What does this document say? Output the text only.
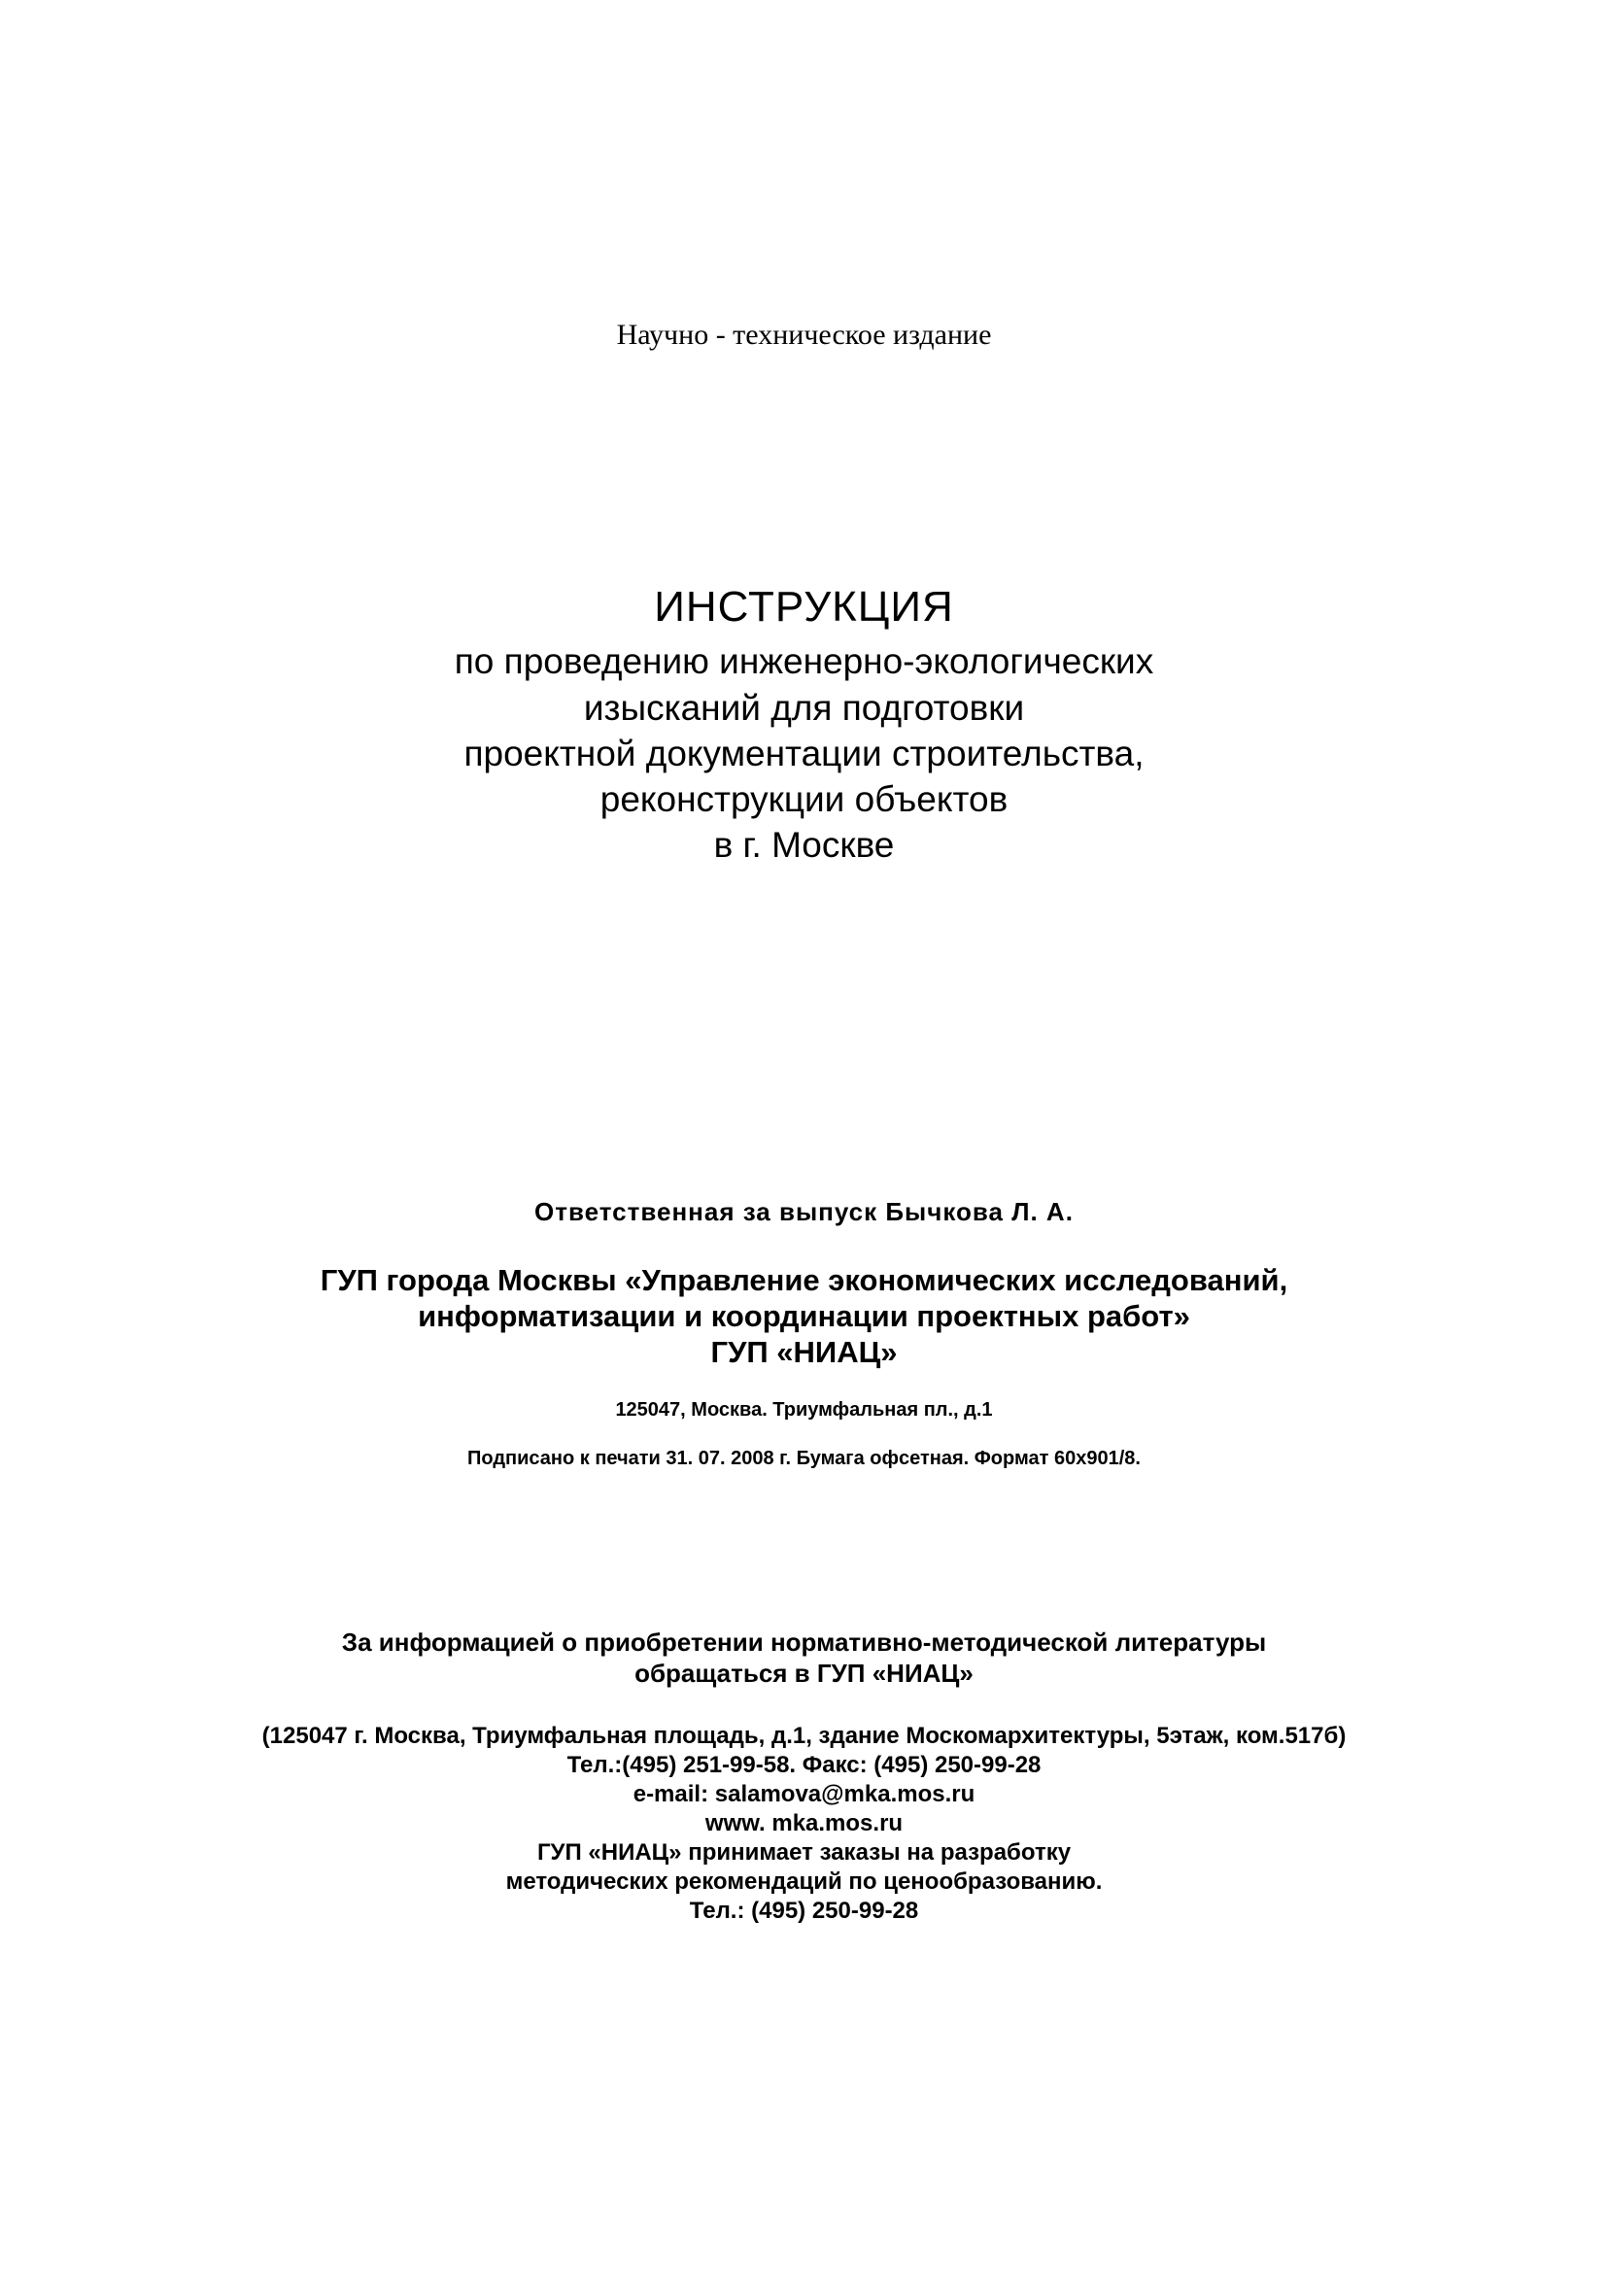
Научно - техническое издание
ИНСТРУКЦИЯ
по проведению инженерно-экологических
изысканий для подготовки
проектной документации строительства,
реконструкции объектов
в г. Москве
Ответственная за выпуск Бычкова Л. А.
ГУП города Москвы «Управление экономических исследований,
информатизации и координации проектных работ»
ГУП «НИАЦ»
125047, Москва. Триумфальная пл., д.1
Подписано к печати 31. 07. 2008 г. Бумага офсетная. Формат 60х901/8.
За информацией о приобретении нормативно-методической литературы
обращаться в ГУП «НИАЦ»
(125047 г. Москва, Триумфальная площадь, д.1, здание Москомархитектуры, 5этаж, ком.517б)
Тел.:(495) 251-99-58. Факс: (495) 250-99-28
e-mail: salamova@mka.mos.ru
www. mka.mos.ru
ГУП «НИАЦ» принимает заказы на разработку
методических рекомендаций по ценообразованию.
Тел.: (495) 250-99-28
